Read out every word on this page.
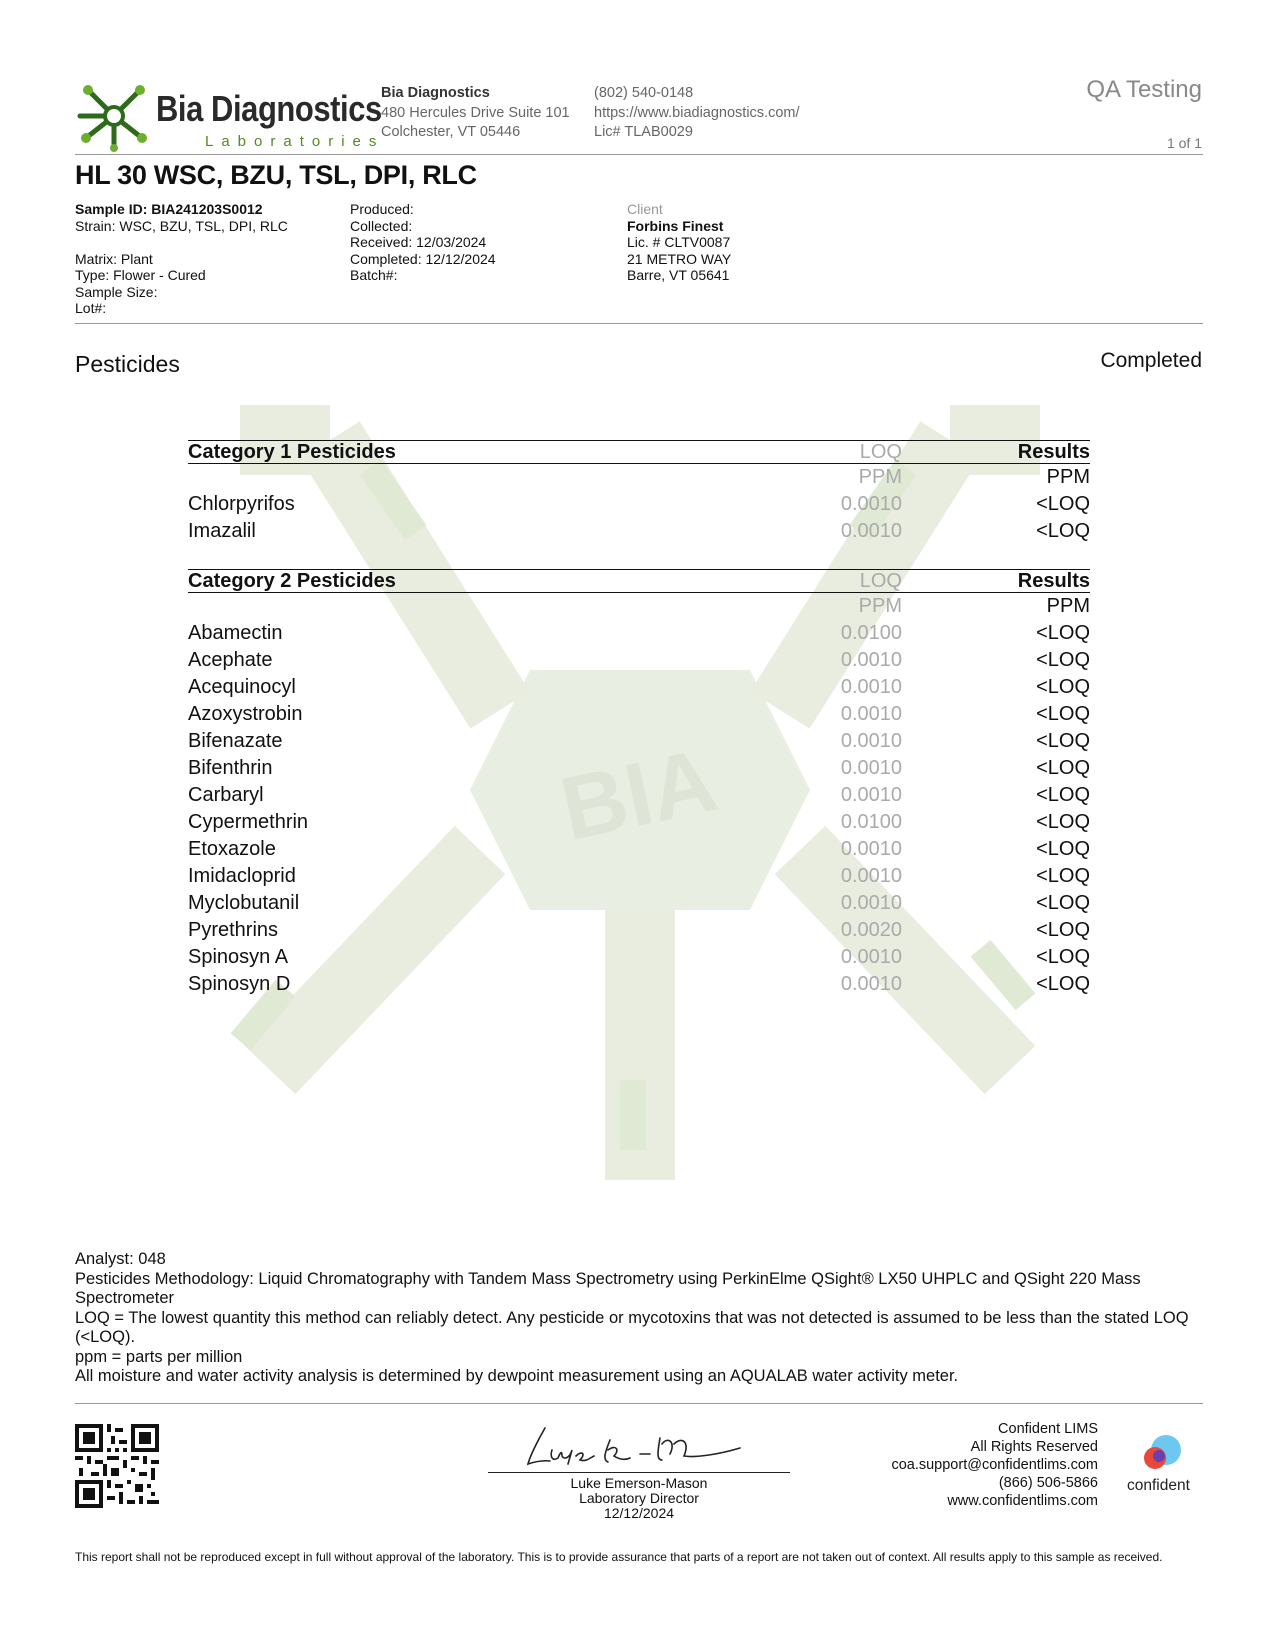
BIA
Bia Diagnostics
Laboratories
Bia Diagnostics
480 Hercules Drive Suite 101
Colchester, VT 05446
(802) 540-0148
https://www.biadiagnostics.com/
Lic# TLAB0029
QA Testing
1 of 1
HL 30 WSC, BZU, TSL, DPI, RLC
Sample ID: BIA241203S0012
Strain: WSC, BZU, TSL, DPI, RLC
Matrix: Plant
Type: Flower - Cured
Sample Size:
Lot#:
Produced:
Collected:
Received: 12/03/2024
Completed: 12/12/2024
Batch#:
Client
Forbins Finest
Lic. # CLTV0087
21 METRO WAY
Barre, VT 05641
Pesticides	Completed
Category 1 Pesticides	LOQ	Results
PPM	PPM
Chlorpyrifos	0.0010	<LOQ
Imazalil	0.0010	<LOQ
Category 2 Pesticides	LOQ	Results
PPM	PPM
Abamectin	0.0100	<LOQ
Acephate	0.0010	<LOQ
Acequinocyl	0.0010	<LOQ
Azoxystrobin	0.0010	<LOQ
Bifenazate	0.0010	<LOQ
Bifenthrin	0.0010	<LOQ
Carbaryl	0.0010	<LOQ
Cypermethrin	0.0100	<LOQ
Etoxazole	0.0010	<LOQ
Imidacloprid	0.0010	<LOQ
Myclobutanil	0.0010	<LOQ
Pyrethrins	0.0020	<LOQ
Spinosyn A	0.0010	<LOQ
Spinosyn D	0.0010	<LOQ
Analyst: 048
Pesticides Methodology: Liquid Chromatography with Tandem Mass Spectrometry using PerkinElme QSight® LX50 UHPLC and QSight 220 Mass Spectrometer
LOQ = The lowest quantity this method can reliably detect. Any pesticide or mycotoxins that was not detected is assumed to be less than the stated LOQ (<LOQ).
ppm = parts per million
All moisture and water activity analysis is determined by dewpoint measurement using an AQUALAB water activity meter.
Luke Emerson-Mason
Laboratory Director
12/12/2024
Confident LIMS
All Rights Reserved
coa.support@confidentlims.com
(866) 506-5866
www.confidentlims.com
confident
This report shall not be reproduced except in full without approval of the laboratory. This is to provide assurance that parts of a report are not taken out of context. All results apply to this sample as received.
